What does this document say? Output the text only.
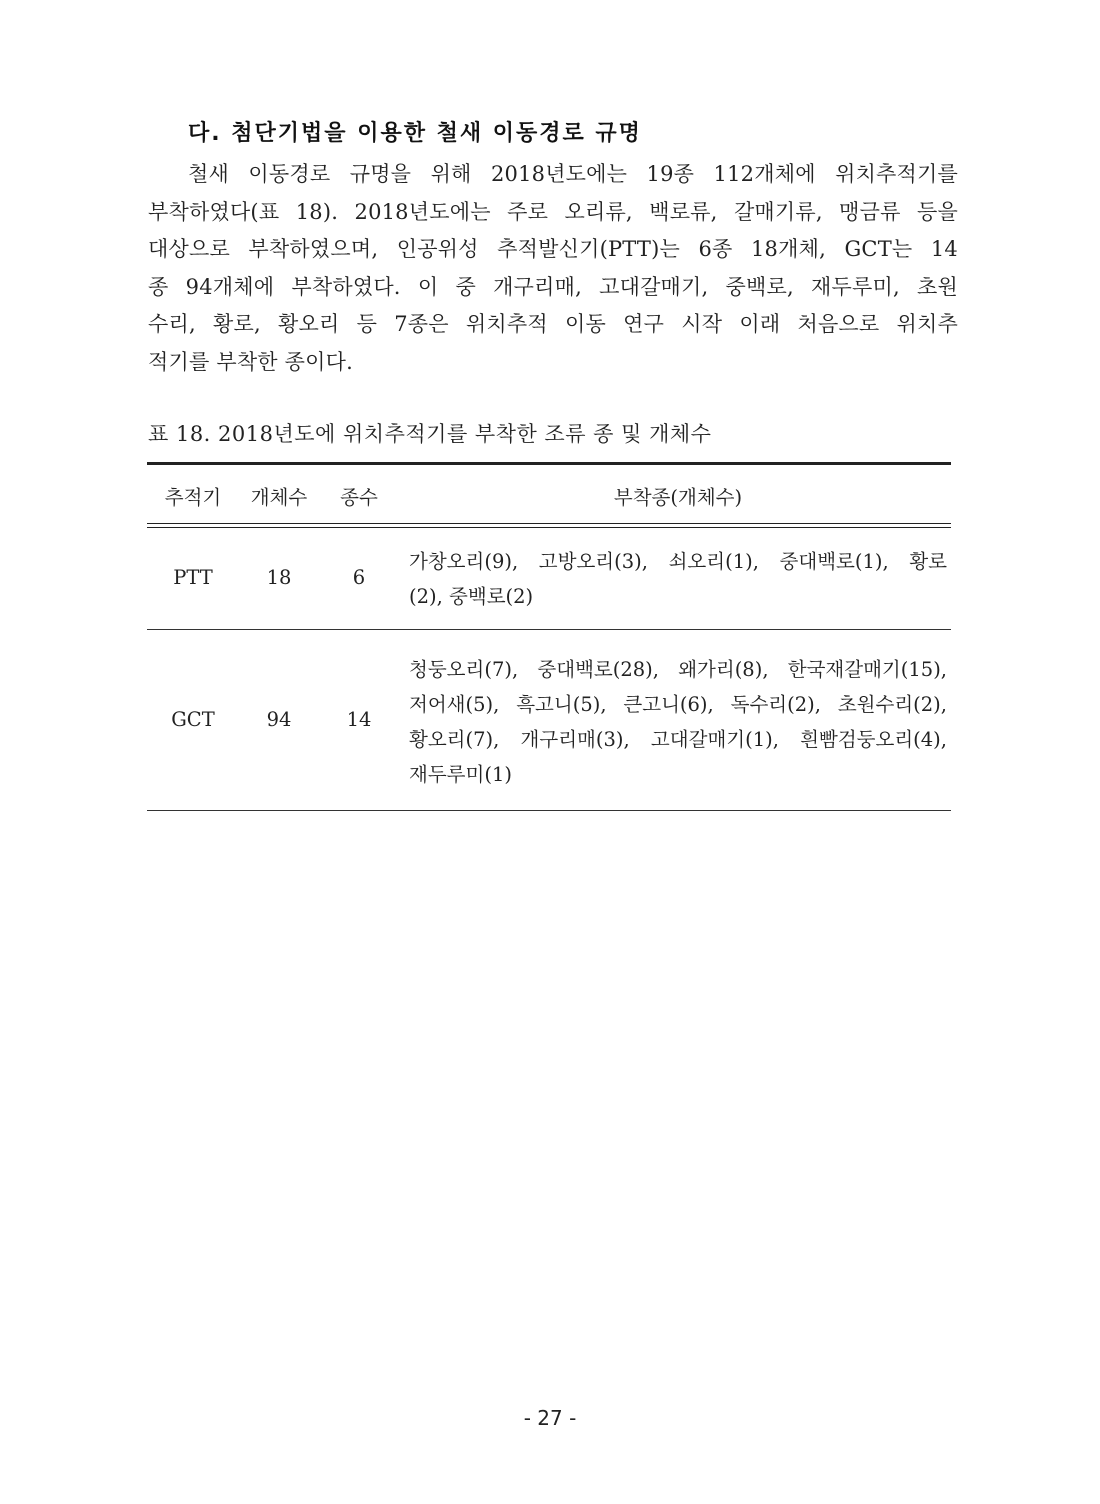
다. 첨단기법을 이용한 철새 이동경로 규명
철새 이동경로 규명을 위해 2018년도에는 19종 112개체에 위치추적기를
부착하였다(표 18). 2018년도에는 주로 오리류, 백로류, 갈매기류, 맹금류 등을
대상으로 부착하였으며, 인공위성 추적발신기(PTT)는 6종 18개체, GCT는 14
종 94개체에 부착하였다. 이 중 개구리매, 고대갈매기, 중백로, 재두루미, 초원
수리, 황로, 황오리 등 7종은 위치추적 이동 연구 시작 이래 처음으로 위치추
적기를 부착한 종이다.
표 18. 2018년도에 위치추적기를 부착한 조류 종 및 개체수
추적기	개체수	종수	부착종(개체수)
PTT	18	6
가창오리(9), 고방오리(3), 쇠오리(1), 중대백로(1), 황로
(2), 중백로(2)
GCT	94	14
청둥오리(7), 중대백로(28), 왜가리(8), 한국재갈매기(15),
저어새(5), 흑고니(5), 큰고니(6), 독수리(2), 초원수리(2),
황오리(7), 개구리매(3), 고대갈매기(1), 흰빰검둥오리(4),
재두루미(1)
- 27 -
